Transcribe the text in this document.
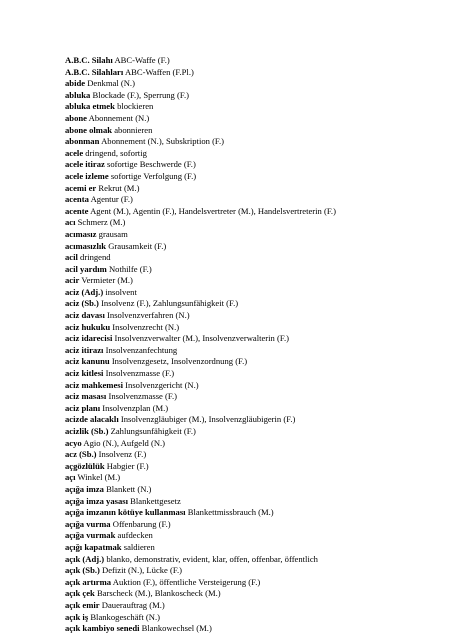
A.B.C. Silahı ABC-Waffe (F.)
A.B.C. Silahları ABC-Waffen (F.Pl.)
abide Denkmal (N.)
abluka Blockade (F.), Sperrung (F.)
abluka etmek blockieren
abone Abonnement (N.)
abone olmak abonnieren
abonman Abonnement (N.), Subskription (F.)
acele dringend, sofortig
acele itiraz sofortige Beschwerde (F.)
acele izleme sofortige Verfolgung (F.)
acemi er Rekrut (M.)
acenta Agentur (F.)
acente Agent (M.), Agentin (F.), Handelsvertreter (M.), Handelsvertreterin (F.)
acı Schmerz (M.)
acımasız grausam
acımasızlık Grausamkeit (F.)
acil dringend
acil yardım Nothilfe (F.)
acir Vermieter (M.)
aciz (Adj.) insolvent
aciz (Sb.) Insolvenz (F.), Zahlungsunfähigkeit (F.)
aciz davası Insolvenzverfahren (N.)
aciz hukuku Insolvenzrecht (N.)
aciz idarecisi Insolvenzverwalter (M.), Insolvenzverwalterin (F.)
aciz itirazı Insolvenzanfechtung
aciz kanunu Insolvenzgesetz, Insolvenzordnung (F.)
aciz kitlesi Insolvenzmasse (F.)
aciz mahkemesi Insolvenzgericht (N.)
aciz masası Insolvenzmasse (F.)
aciz planı Insolvenzplan (M.)
acizde alacaklı Insolvenzgläubiger (M.), Insolvenzgläubigerin (F.)
acizlik (Sb.) Zahlungsunfähigkeit (F.)
acyo Agio (N.), Aufgeld (N.)
acz (Sb.) Insolvenz (F.)
açgözlülük Habgier (F.)
açı Winkel (M.)
açığa imza Blankett (N.)
açığa imza yasası Blankettgesetz
açığa imzanın kötüye kullanması Blankettmissbrauch (M.)
açığa vurma Offenbarung (F.)
açığa vurmak aufdecken
açığı kapatmak saldieren
açık (Adj.) blanko, demonstrativ, evident, klar, offen, offenbar, öffentlich
açık (Sb.) Defizit (N.), Lücke (F.)
açık artırma Auktion (F.), öffentliche Versteigerung (F.)
açık çek Barscheck (M.), Blankoscheck (M.)
açık emir Dauerauftrag (M.)
açık iş Blankogeschäft (N.)
açık kambiyo senedi Blankowechsel (M.)
